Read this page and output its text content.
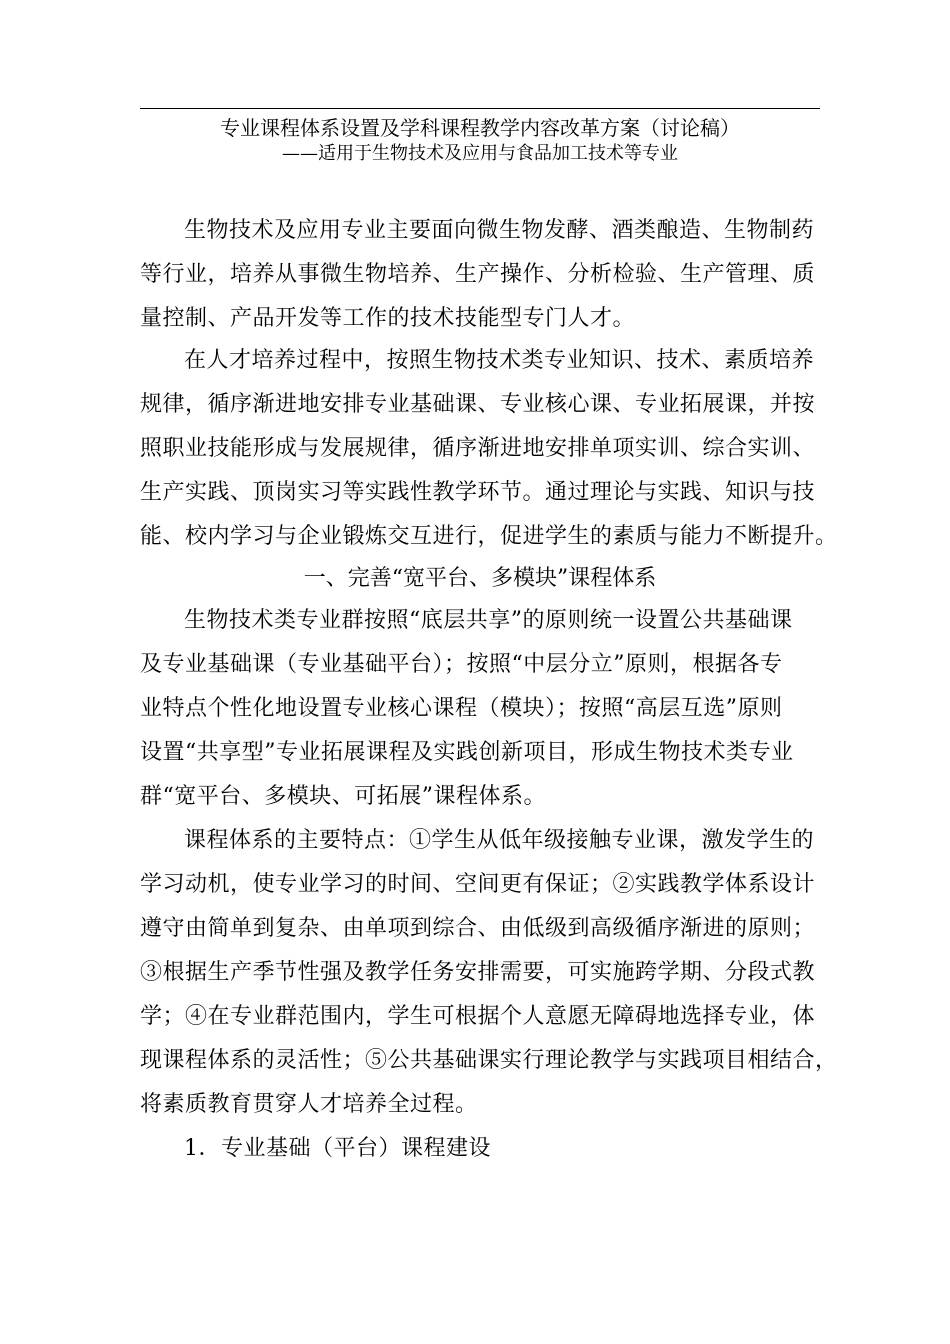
专业课程体系设置及学科课程教学内容改革方案（讨论稿）
——适用于生物技术及应用与食品加工技术等专业
生物技术及应用专业主要面向微生物发酵、酒类酿造、生物制药
等行业，培养从事微生物培养、生产操作、分析检验、生产管理、质
量控制、产品开发等工作的技术技能型专门人才。
在人才培养过程中，按照生物技术类专业知识、技术、素质培养
规律，循序渐进地安排专业基础课、专业核心课、专业拓展课，并按
照职业技能形成与发展规律，循序渐进地安排单项实训、综合实训、
生产实践、顶岗实习等实践性教学环节。通过理论与实践、知识与技
能、校内学习与企业锻炼交互进行，促进学生的素质与能力不断提升。
一、完善“宽平台、多模块”课程体系
生物技术类专业群按照“底层共享”的原则统一设置公共基础课
及专业基础课（专业基础平台）；按照“中层分立”原则，根据各专
业特点个性化地设置专业核心课程（模块）；按照“高层互选”原则
设置“共享型”专业拓展课程及实践创新项目，形成生物技术类专业
群“宽平台、多模块、可拓展”课程体系。
课程体系的主要特点：①学生从低年级接触专业课，激发学生的
学习动机，使专业学习的时间、空间更有保证；②实践教学体系设计
遵守由简单到复杂、由单项到综合、由低级到高级循序渐进的原则；
③根据生产季节性强及教学任务安排需要，可实施跨学期、分段式教
学；④在专业群范围内，学生可根据个人意愿无障碍地选择专业，体
现课程体系的灵活性；⑤公共基础课实行理论教学与实践项目相结合，
将素质教育贯穿人才培养全过程。
1．专业基础（平台）课程建设
